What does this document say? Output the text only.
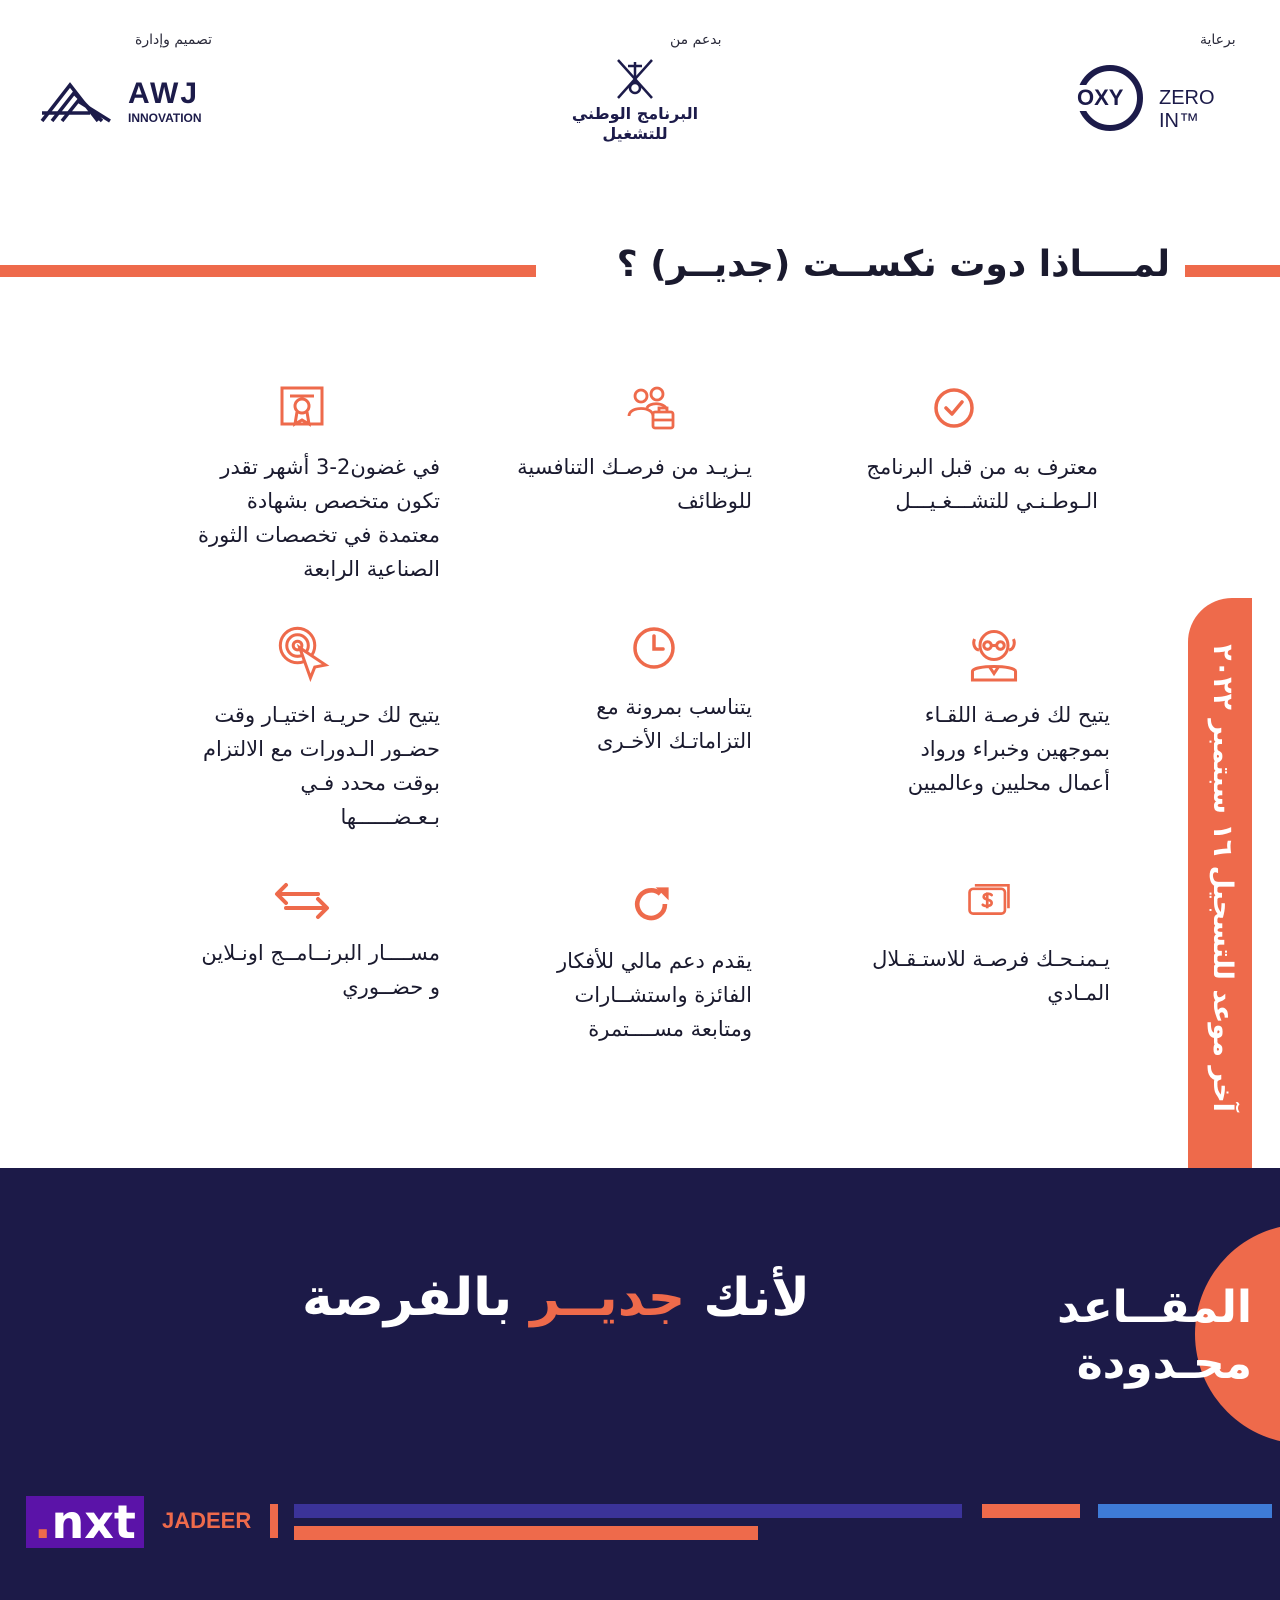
تصميم وإدارة
AWJ
INNOVATION
بدعم من
البرنامج الوطني
للتشغيل
برعاية
OXY ZERO IN™
لمــــاذا دوت نكســت (جديــر) ؟
معترف به من قبل البرنامج الـوطـنـي للتشـــغـيـــل
يـزيـد من فرصـك التنافسية للوظائف
في غضون2-3 أشهر تقدر تكون متخصص بشهادة معتمدة في تخصصات الثورة الصناعية الرابعة
يتيح لك فرصـة اللقـاء بموجهين وخبراء ورواد أعمال محليين وعالميين
يتناسب بمرونة مع التزاماتـك الأخـرى
يتيح لك حريـة اختيـار وقت حضـور الـدورات مع الالتزام بوقت محدد فـي بـعـضــــــها
يـمنـحـك فرصـة للاستـقـلال المـادي
يقدم دعم مالي للأفكار الفائزة واستشــارات ومتابعة مســــتمرة
مســــار البرنــامــج اونـلاين و حضــوري
آخر موعد للتسجيل ١٦ سبتمبر ٢٠٢٢
المقــاعد
محـدودة
لأنك جديــر بالفرصة
.nxt	JADEER
